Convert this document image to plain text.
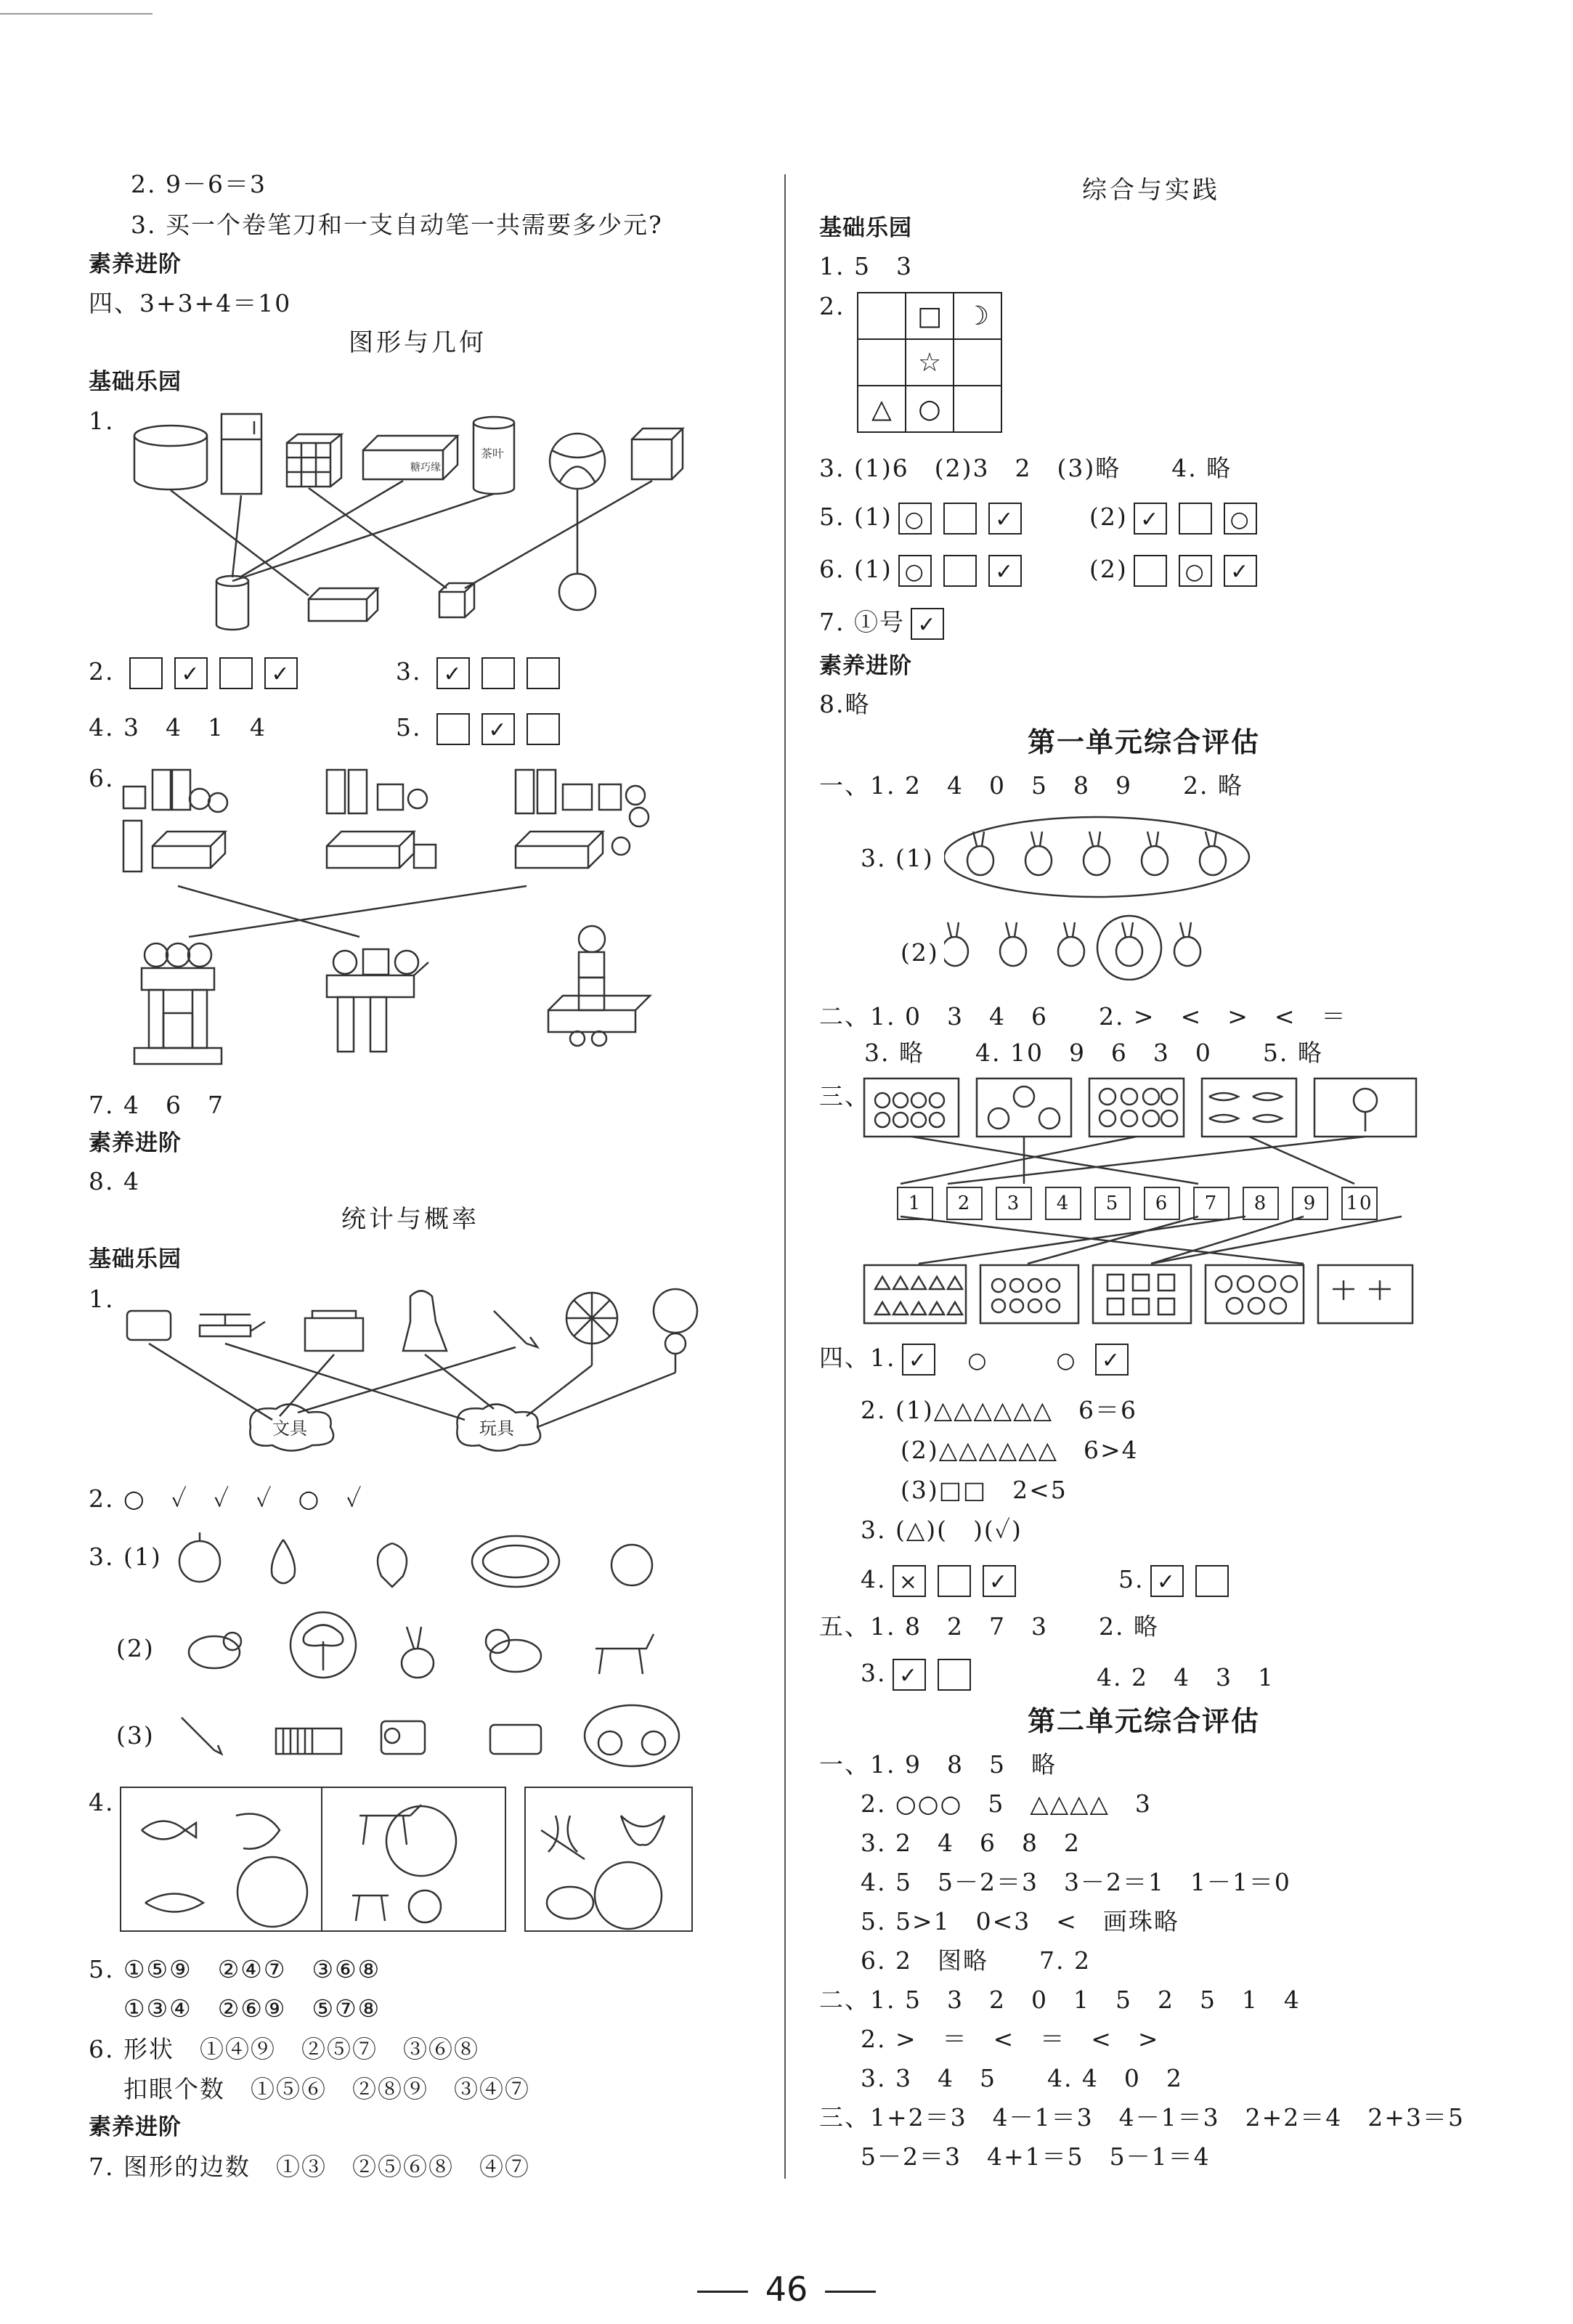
2. 9－6＝3
3. 买一个卷笔刀和一支自动笔一共需要多少元?
素养进阶
四、3+3+4＝10
图形与几何
基础乐园
1.
糖巧缘
茶叶
2.	✓	✓	3. ✓
4. 3　4　1　4	5.	✓
6.
7. 4　6　7
素养进阶
8. 4
统计与概率
基础乐园
1.
文具	玩具
2. ○　✓　✓　✓　○　✓
3. (1)
(2)
(3)
4.
5. ①⑤⑨　②④⑦　③⑥⑧
①③④　②⑥⑨　⑤⑦⑧
6. 形状　①④⑨　②⑤⑦　③⑥⑧
扣眼个数　①⑤⑥　②⑧⑨　③④⑦
素养进阶
7. 图形的边数　①③　②⑤⑥⑧　④⑦
综合与实践
基础乐园
1. 5　3
2.
		□	☽
	☆	
△	○	
3. (1)6　(2)3　2　(3)略　　4. 略
5. (1) ○	✓	(2) ✓	○
6. (1) ○	✓	(2)	○ ✓
7. ①号 ✓
素养进阶
8.略
第一单元综合评估
一、1. 2　4　0　5　8　9　　2. 略
3. (1)
(2)
二、1. 0　3　4　6　　2. >　<　>　<　＝
3. 略　　4. 10　9　6　3　0　　5. 略
三、
1 2 3 4 5 6 7 8 9 10
四、1. ✓ ○	○ ✓
2. (1)△△△△△△　6＝6
(2)△△△△△△　6>4
(3)□□　2<5
3. (△)(　)(✓)
4. ×	✓	5. ✓
五、1. 8　2　7　3　　2. 略
3. ✓	4. 2　4　3　1
第二单元综合评估
一、1. 9　8　5　略
2. ○○○　5　△△△△　3
3. 2　4　6　8　2
4. 5　5－2＝3　3－2＝1　1－1＝0
5. 5>1　0<3　<　画珠略
6. 2　图略　　7. 2
二、1. 5　3　2　0　1　5　2　5　1　4
2. >　＝　<　＝　<　>
3. 3　4　5　　4. 4　0　2
三、1+2＝3　4－1＝3　4－1＝3　2+2＝4　2+3＝5
5－2＝3　4+1＝5　5－1＝4
46
